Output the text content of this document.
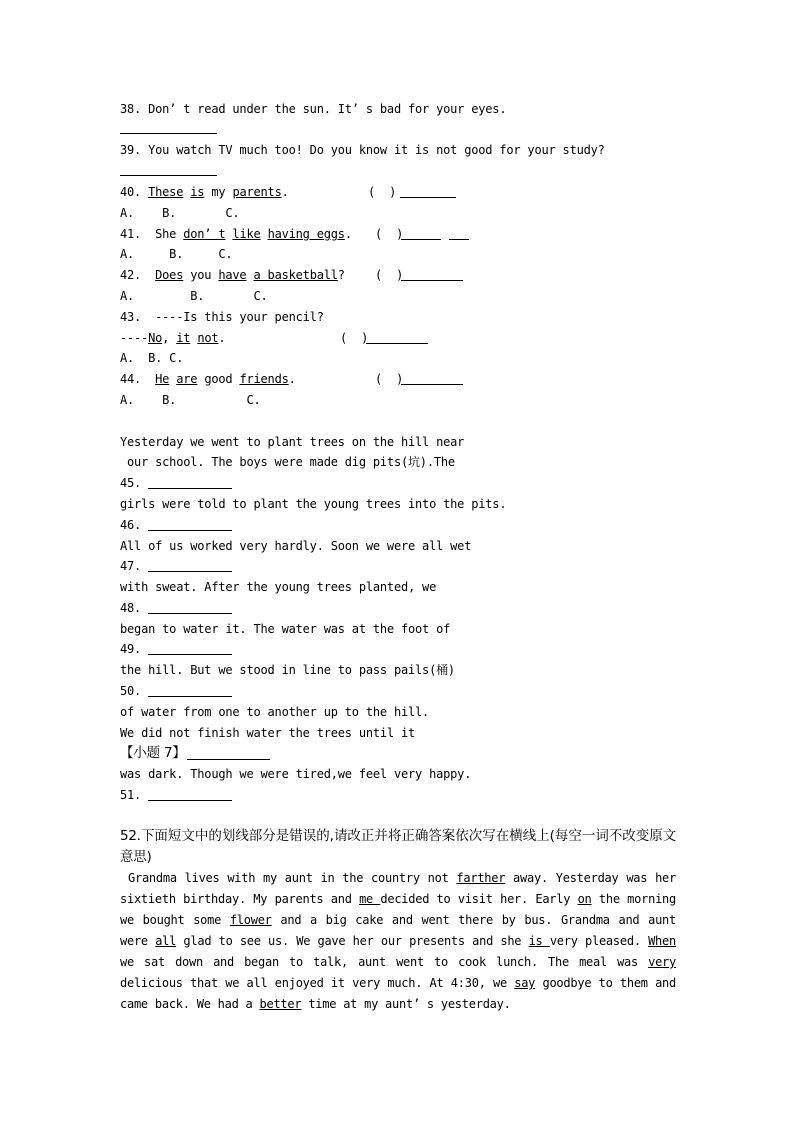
38. Don’ t read under the sun. It’ s bad for your eyes.
39. You watch TV much too! Do you know it is not good for your study?
40. These is my parents.	(  )
A.    B.       C.
41.  She don’ t like having eggs. (  )
A.     B.     C.
42.  Does you have a basketball?	(  )
A.        B.       C.
43.  ----Is this your pencil?
----No, it not.	(  )
A.  B. C.
44.  He are good friends.	(  )
A.    B.          C.
Yesterday we went to plant trees on the hill near
our school. The boys were made dig pits(坑).The
45.
girls were told to plant the young trees into the pits.
46.
All of us worked very hardly. Soon we were all wet
47.
with sweat. After the young trees planted, we
48.
began to water it. The water was at the foot of
49.
the hill. But we stood in line to pass pails(桶)
50.
of water from one to another up to the hill.
We did not finish water the trees until it
【小题 7】
was dark. Though we were tired,we feel very happy.
51.
52.下面短文中的划线部分是错误的,请改正并将正确答案依次写在横线上(每空一词不改变原文意思)
Grandma lives with my aunt in the country not farther away. Yesterday was her sixtieth birthday. My parents and me decided to visit her. Early on the morning we bought some flower and a big cake and went there by bus. Grandma and aunt were all glad to see us. We gave her our presents and she is very pleased. When we sat down and began to talk, aunt went to cook lunch. The meal was very delicious that we all enjoyed it very much. At 4:30, we say goodbye to them and came back. We had a better time at my aunt’ s yesterday.
